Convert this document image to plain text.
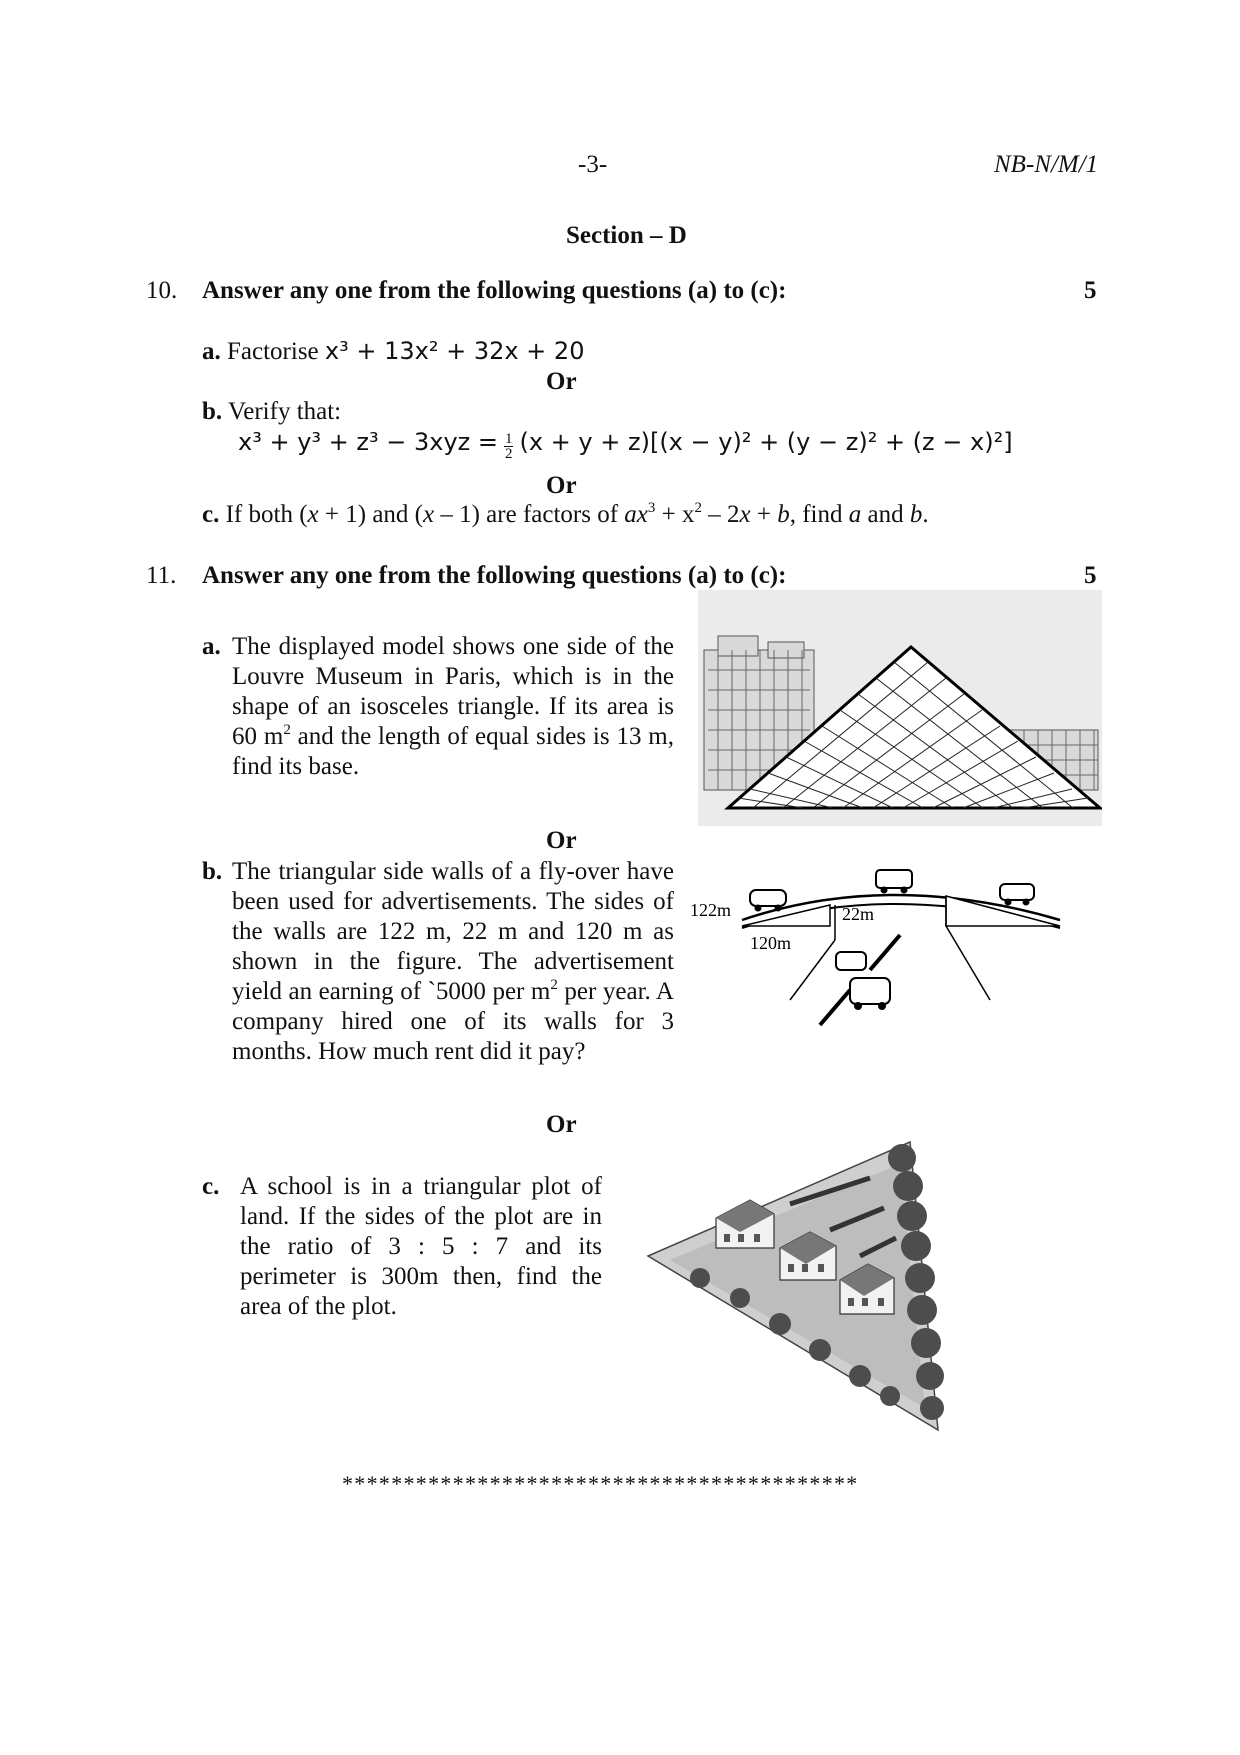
-3-	NB-N/M/1
Section – D
10. Answer any one from the following questions (a) to (c):	5
a. Factorise x³ + 13x² + 32x + 20
Or
b. Verify that:
$x^3 + y^3 + z^3 - 3xyz = \frac{1}{2} (x + y + z)[(x - y)^2 + (y - z)^2 + (z - x)^2]$
Or
c. If both (x + 1) and (x – 1) are factors of $ax^3 + x^2 - 2x + b$, find a and b.
11. Answer any one from the following questions (a) to (c):	5
a. The displayed model shows one side of the Louvre Museum in Paris, which is in the shape of an isosceles triangle. If its area is 60 $m^2$ and the length of equal sides is 13 m, find its base.
Or
b. The triangular side walls of a fly-over have been used for advertisements. The sides of the walls are 122 m, 22 m and 120 m as shown in the figure. The advertisement yield an earning of `5000 per $m^2$ per year. A company hired one of its walls for 3 months. How much rent did it pay?
122m	22m
120m
Or
c. A school is in a triangular plot of land. If the sides of the plot are in the ratio of 3 : 5 : 7 and its perimeter is 300m then, find the area of the plot.
******************************************
